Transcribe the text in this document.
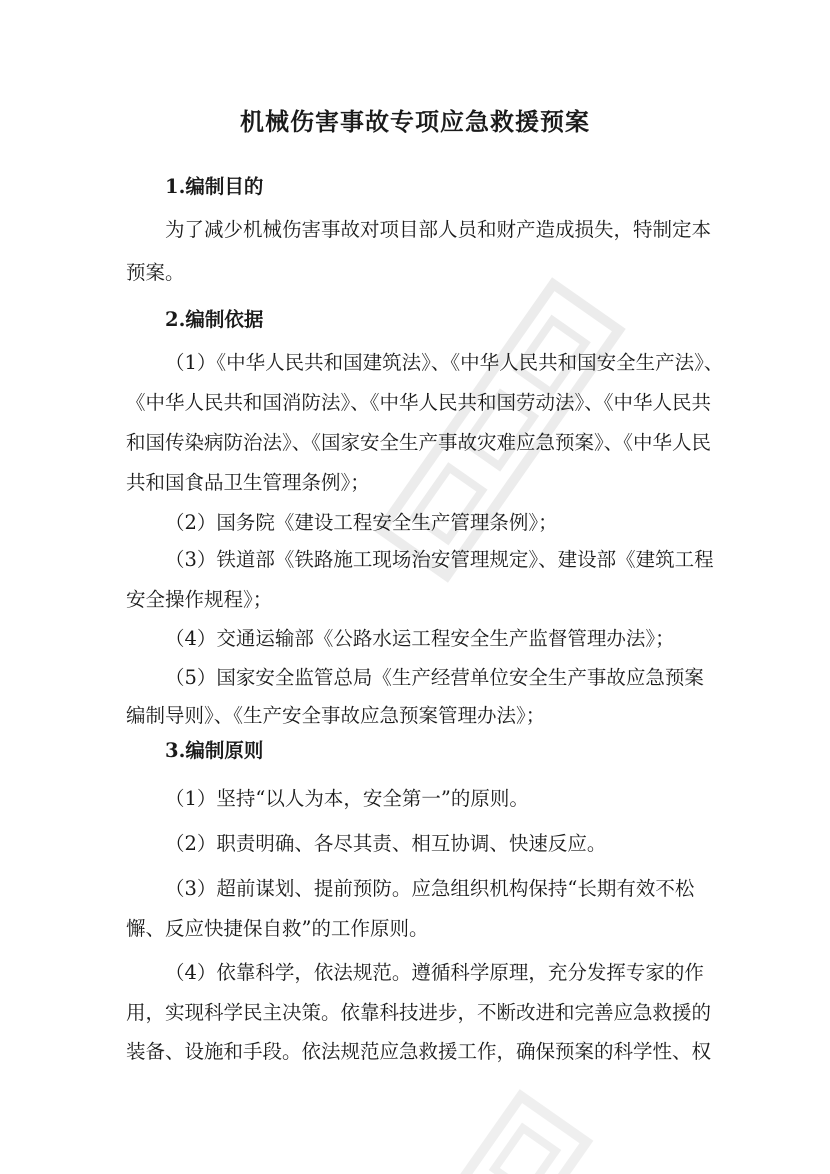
机械伤害事故专项应急救援预案
1.编制目的
为了减少机械伤害事故对项目部人员和财产造成损失，特制定本
预案。
2.编制依据
（1）《中华人民共和国建筑法》、《中华人民共和国安全生产法》、
《中华人民共和国消防法》、《中华人民共和国劳动法》、《中华人民共
和国传染病防治法》、《国家安全生产事故灾难应急预案》、《中华人民
共和国食品卫生管理条例》；
（2）国务院《建设工程安全生产管理条例》；
（3）铁道部《铁路施工现场治安管理规定》、建设部《建筑工程
安全操作规程》；
（4）交通运输部《公路水运工程安全生产监督管理办法》；
（5）国家安全监管总局《生产经营单位安全生产事故应急预案
编制导则》、《生产安全事故应急预案管理办法》；
3.编制原则
（1）坚持“以人为本，安全第一”的原则。
（2）职责明确、各尽其责、相互协调、快速反应。
（3）超前谋划、提前预防。应急组织机构保持“长期有效不松
懈、反应快捷保自救”的工作原则。
（4）依靠科学，依法规范。遵循科学原理，充分发挥专家的作
用，实现科学民主决策。依靠科技进步，不断改进和完善应急救援的
装备、设施和手段。依法规范应急救援工作，确保预案的科学性、权
